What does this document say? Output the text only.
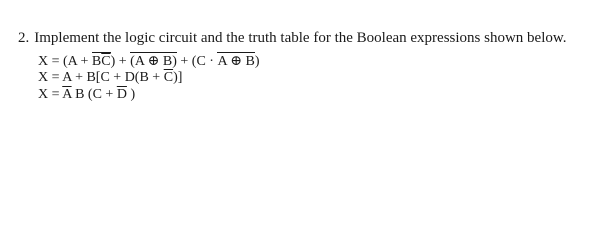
2. Implement the logic circuit and the truth table for the Boolean expressions shown below.

X = (A +
$B\overline{C}$) +
(A ⊕ B) + (C ·
A ⊕ B)
$X = A + B[C + D(B + \overline{C})]$
$X = \overline{A}$ B ($C + \overline{D}$ )
